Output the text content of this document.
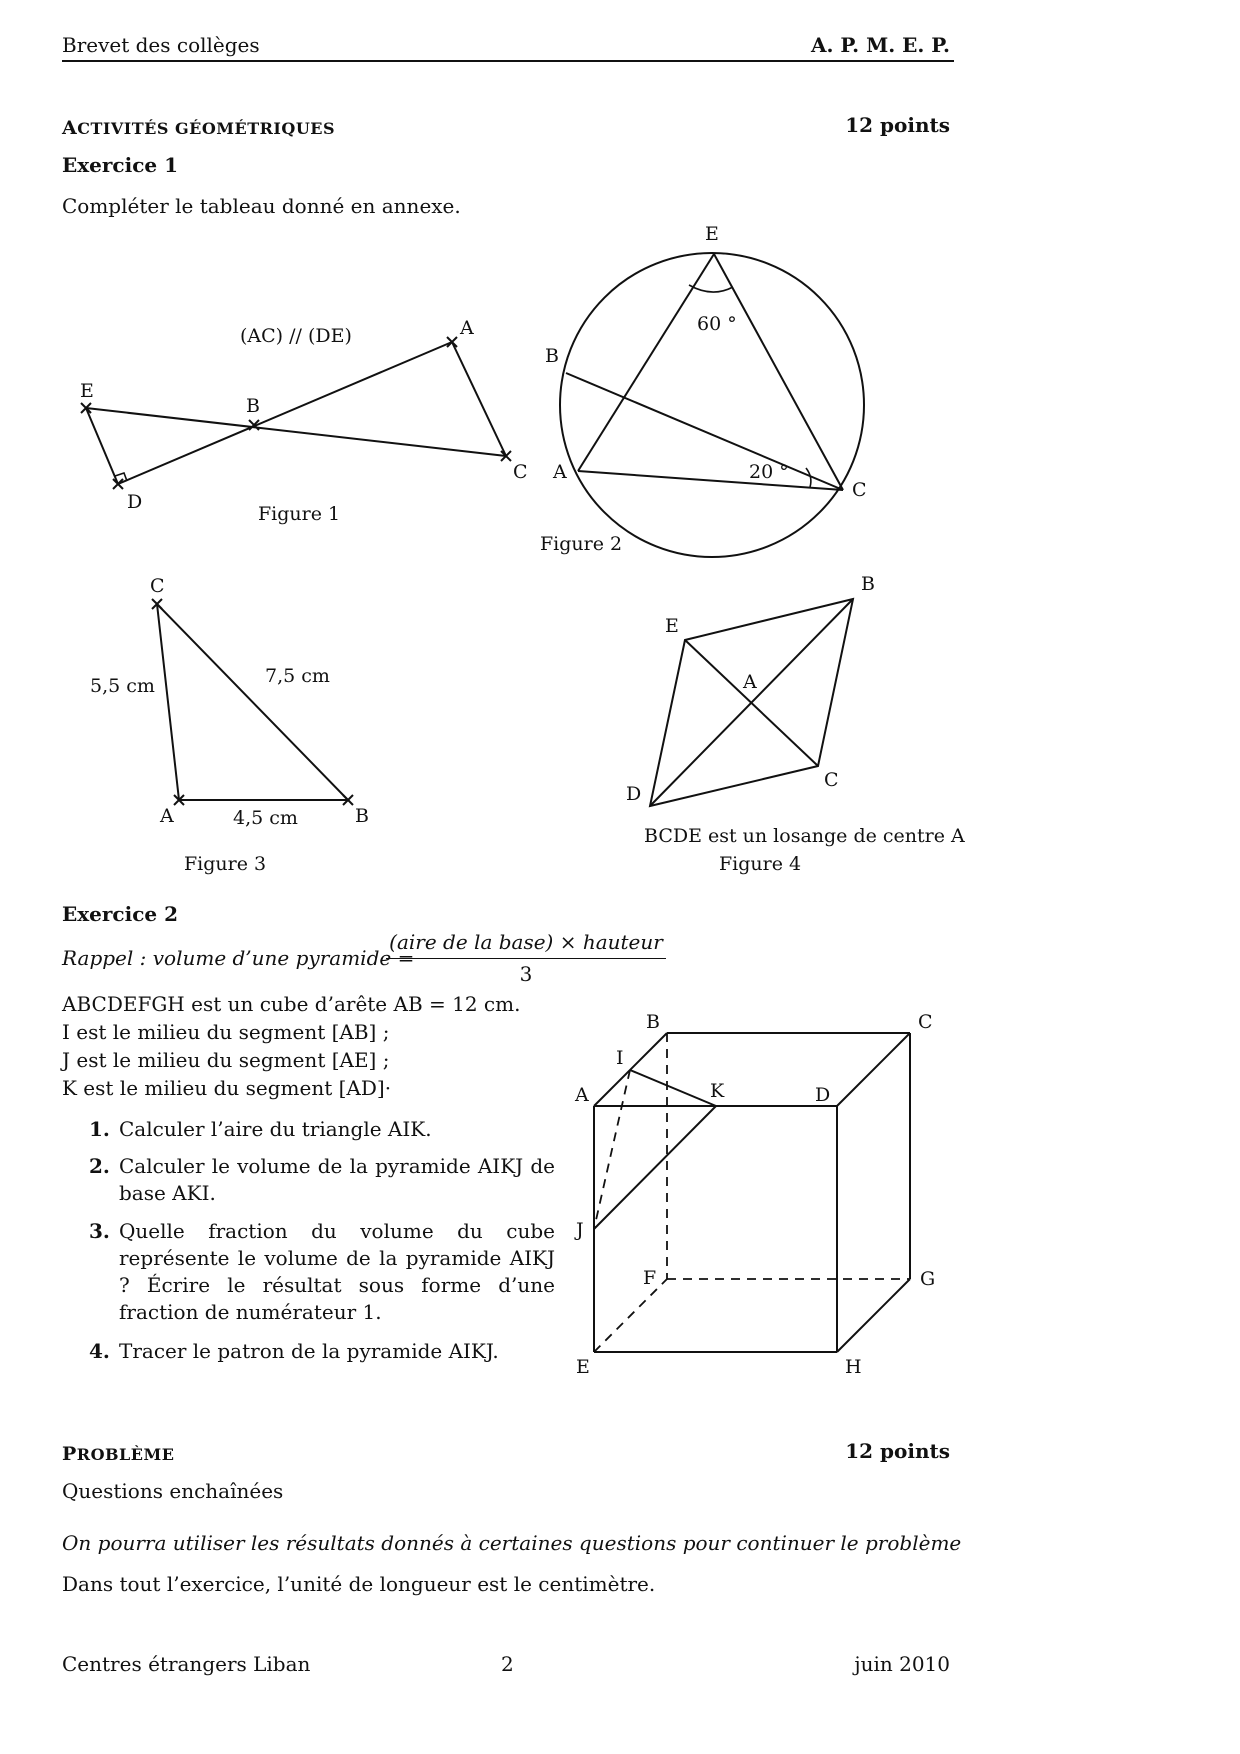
Brevet des collèges	A. P. M. E. P.
ACTIVITÉS GÉOMÉTRIQUES	12 points
Exercice 1
Compléter le tableau donné en annexe.
(AC) // (DE)	A
B
C
D
E
Figure 1
E
B
A
C
60 °
20 °
Figure 2
C
A	B
5,5 cm	7,5 cm
4,5 cm
Figure 3
B
E
A
C
D
BCDE est un losange de centre A
Figure 4
B	C
A	D
I
K
J
F	G
E	H
Exercice 2
Rappel : volume d’une pyramide =
(aire de la base) × hauteur
3
ABCDEFGH est un cube d’arête AB = 12 cm.
I est le milieu du segment [AB] ;
J est le milieu du segment [AE] ;
K est le milieu du segment [AD]·
1. Calculer l’aire du triangle AIK.
2. Calculer le volume de la pyramide AIKJ de base AKI.
3. Quelle fraction du volume du cube représente le volume de la pyramide AIKJ ? Écrire le résultat sous forme d’une fraction de numérateur 1.
4. Tracer le patron de la pyramide AIKJ.
PROBLÈME	12 points
Questions enchaînées
On pourra utiliser les résultats donnés à certaines questions pour continuer le problème
Dans tout l’exercice, l’unité de longueur est le centimètre.
Centres étrangers Liban	2	juin 2010
